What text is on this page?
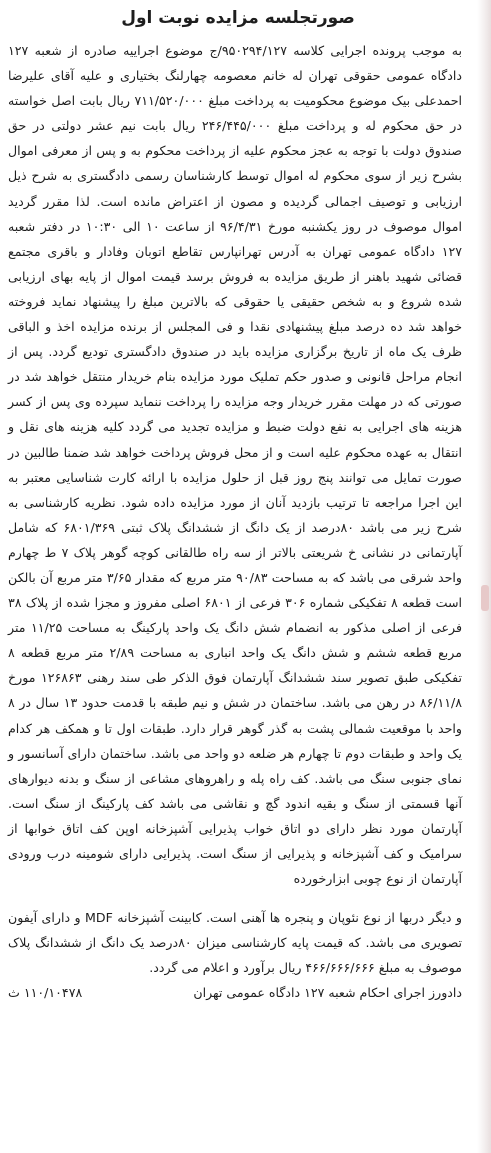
صورتجلسه مزایده نوبت اول
به موجب پرونده اجرایی کلاسه ۹۵۰۲۹۴/۱۲۷/ج موضوع اجراییه صادره از شعبه ۱۲۷ دادگاه عمومی حقوقی تهران له خانم معصومه چهارلنگ بختیاری و علیه آقای علیرضا احمدعلی بیک موضوع محکومیت به پرداخت مبلغ ۷۱۱/۵۲۰/۰۰۰ ریال بابت اصل خواسته در حق محکوم له و پرداخت مبلغ ۲۴۶/۴۴۵/۰۰۰ ریال بابت نیم عشر دولتی در حق صندوق دولت با توجه به عجز محکوم علیه از پرداخت محکوم به و پس از معرفی اموال بشرح زیر از سوی محکوم له اموال توسط کارشناسان رسمی دادگستری به شرح ذیل ارزیابی و توصیف اجمالی گردیده و مصون از اعتراض مانده است. لذا مقرر گردید اموال موصوف در روز یکشنبه مورخ ۹۶/۴/۳۱ از ساعت ۱۰ الی ۱۰:۳۰ در دفتر شعبه ۱۲۷ دادگاه عمومی تهران به آدرس تهرانپارس تقاطع اتوبان وفادار و باقری مجتمع قضائی شهید باهنر از طریق مزایده به فروش برسد قیمت اموال از پایه بهای ارزیابی شده شروع و به شخص حقیقی یا حقوقی که بالاترین مبلغ را پیشنهاد نماید فروخته خواهد شد ده درصد مبلغ پیشنهادی نقدا و فی المجلس از برنده مزایده اخذ و الباقی ظرف یک ماه از تاریخ برگزاری مزایده باید در صندوق دادگستری تودیع گردد. پس از انجام مراحل قانونی و صدور حکم تملیک مورد مزایده بنام خریدار منتقل خواهد شد در صورتی که در مهلت مقرر خریدار وجه مزایده را پرداخت ننماید سپرده وی پس از کسر هزینه های اجرایی به نفع دولت ضبط و مزایده تجدید می گردد کلیه هزینه های نقل و انتقال به عهده محکوم علیه است و از محل فروش پرداخت خواهد شد ضمنا طالبین در صورت تمایل می توانند پنج روز قبل از حلول مزایده با ارائه کارت شناسایی معتبر به این اجرا مراجعه تا ترتیب بازدید آنان از مورد مزایده داده شود. نظریه کارشناسی به شرح زیر می باشد ۸۰درصد از یک دانگ از ششدانگ پلاک ثبتی ۶۸۰۱/۳۶۹ که شامل آپارتمانی در نشانی خ شریعتی بالاتر از سه راه طالقانی کوچه گوهر پلاک ۷ ط چهارم واحد شرقی می باشد که به مساحت ۹۰/۸۳ متر مربع که مقدار ۳/۶۵ متر مربع آن بالکن است قطعه ۸ تفکیکی شماره ۳۰۶ فرعی از ۶۸۰۱ اصلی مفروز و مجزا شده از پلاک ۳۸ فرعی از اصلی مذکور به انضمام شش دانگ یک واحد پارکینگ به مساحت ۱۱/۲۵ متر مربع قطعه ششم و شش دانگ یک واحد انباری به مساحت ۲/۸۹ متر مربع قطعه ۸ تفکیکی طبق تصویر سند ششدانگ آپارتمان فوق الذکر طی سند رهنی ۱۲۶۸۶۳ مورخ ۸۶/۱۱/۸ در رهن می باشد. ساختمان در شش و نیم طبقه با قدمت حدود ۱۳ سال در ۸ واحد با موقعیت شمالی پشت به گذر گوهر قرار دارد. طبقات اول تا و همکف هر کدام یک واحد و طبقات دوم تا چهارم هر ضلعه دو واحد می باشد. ساختمان دارای آسانسور و نمای جنوبی سنگ می باشد. کف راه پله و راهروهای مشاعی از سنگ و بدنه دیوارهای آنها قسمتی از سنگ و بقیه اندود گچ و نقاشی می باشد کف پارکینگ از سنگ است. آپارتمان مورد نظر دارای دو اتاق خواب پذیرایی آشپزخانه اوپن کف اتاق خوابها از سرامیک و کف آشپزخانه و پذیرایی از سنگ است. پذیرایی دارای شومینه درب ورودی آپارتمان از نوع چوبی ابزارخورده
و دیگر دربها از نوع نئوپان و پنجره ها آهنی است. کابینت آشپزخانه MDF و دارای آیفون تصویری می باشد. که قیمت پایه کارشناسی میزان ۸۰درصد یک دانگ از ششدانگ پلاک موصوف به مبلغ ۴۶۶/۶۶۶/۶۶۶ ریال برآورد و اعلام می گردد.
دادورز اجرای احکام شعبه ۱۲۷ دادگاه عمومی تهران
۱۱۰/۱۰۴۷۸ ث
